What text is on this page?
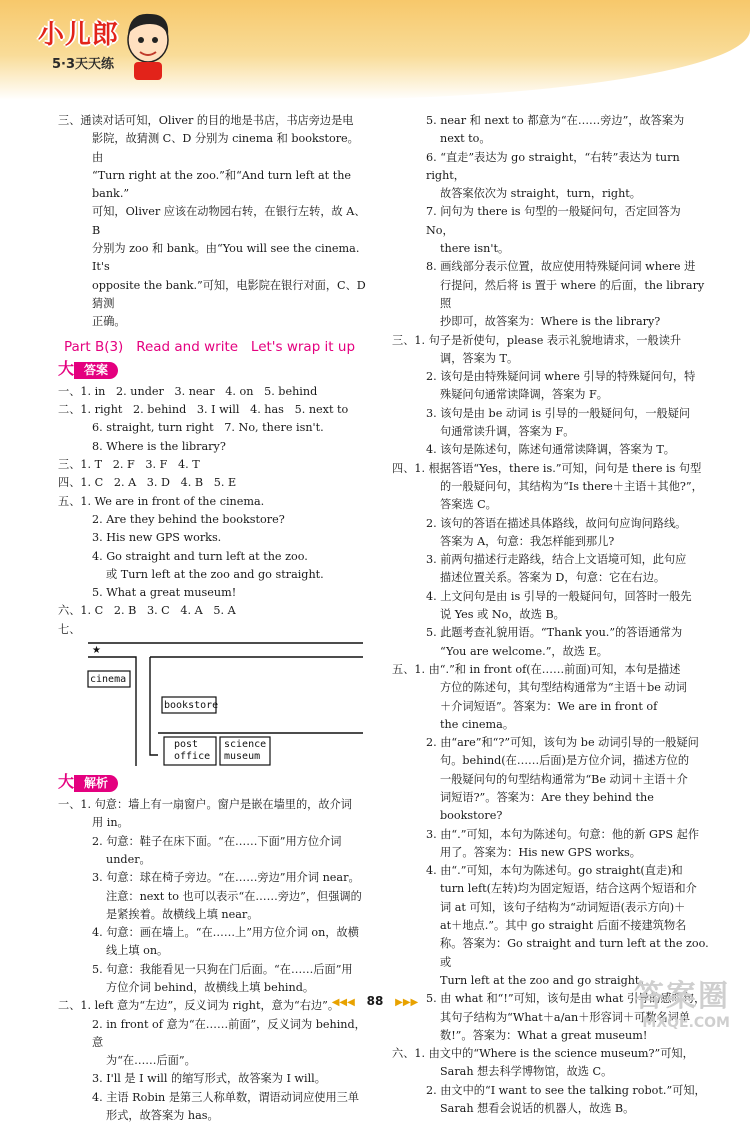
小儿郎
5·3天天练

三、通读对话可知，Oliver 的目的地是书店，书店旁边是电

影院，故猜测 C、D 分别为 cinema 和 bookstore。由

“Turn right at the zoo.”和“And turn left at the bank.”

可知，Oliver 应该在动物园右转，在银行左转，故 A、B

分别为 zoo 和 bank。由“You will see the cinema. It's

opposite the bank.”可知，电影院在银行对面，C、D 猜测

正确。

Part B(3)   Read and write   Let's wrap it up
大 答案

一、1. in   2. under   3. near   4. on   5. behind

二、1. right   2. behind   3. I will   4. has   5. next to

6. straight, turn right   7. No, there isn't.

8. Where is the library?

三、1. T   2. F   3. F   4. T

四、1. C   2. A   3. D   4. B   5. E

五、1. We are in front of the cinema.

2. Are they behind the bookstore?

3. His new GPS works.

4. Go straight and turn left at the zoo.

或 Turn left at the zoo and go straight.

5. What a great museum!

六、1. C   2. B   3. C   4. A   5. A

七、

★
cinema
bookstore
post
office
science
museum
大 解析

一、1. 句意：墙上有一扇窗户。窗户是嵌在墙里的，故介词

用 in。

2. 句意：鞋子在床下面。“在……下面”用方位介词

under。

3. 句意：球在椅子旁边。“在……旁边”用介词 near。

注意：next to 也可以表示“在……旁边”，但强调的

是紧挨着。故横线上填 near。

4. 句意：画在墙上。“在……上”用方位介词 on，故横

线上填 on。

5. 句意：我能看见一只狗在门后面。“在……后面”用

方位介词 behind，故横线上填 behind。

二、1. left 意为“左边”，反义词为 right，意为“右边”。

2. in front of 意为“在……前面”，反义词为 behind，意

为“在……后面”。

3. I'll 是 I will 的缩写形式，故答案为 I will。

4. 主语 Robin 是第三人称单数，谓语动词应使用三单

形式，故答案为 has。

5. near 和 next to 都意为“在……旁边”，故答案为

next to。

6. “直走”表达为 go straight，“右转”表达为 turn right，

故答案依次为 straight，turn，right。

7. 问句为 there is 句型的一般疑问句，否定回答为 No，

there isn't。

8. 画线部分表示位置，故应使用特殊疑问词 where 进

行提问，然后将 is 置于 where 的后面，the library 照

抄即可，故答案为：Where is the library?

三、1. 句子是祈使句，please 表示礼貌地请求，一般读升

调，答案为 T。

2. 该句是由特殊疑问词 where 引导的特殊疑问句，特

殊疑问句通常读降调，答案为 F。

3. 该句是由 be 动词 is 引导的一般疑问句，一般疑问

句通常读升调，答案为 F。

4. 该句是陈述句，陈述句通常读降调，答案为 T。

四、1. 根据答语“Yes，there is.”可知，问句是 there is 句型

的一般疑问句，其结构为“Is there＋主语＋其他?”，

答案选 C。

2. 该句的答语在描述具体路线，故问句应询问路线。

答案为 A，句意：我怎样能到那儿?

3. 前两句描述行走路线，结合上文语境可知，此句应

描述位置关系。答案为 D，句意：它在右边。

4. 上文问句是由 is 引导的一般疑问句，回答时一般先

说 Yes 或 No，故选 B。

5. 此题考查礼貌用语。“Thank you.”的答语通常为

“You are welcome.”，故选 E。

五、1. 由“.”和 in front of(在……前面)可知，本句是描述

方位的陈述句，其句型结构通常为“主语＋be 动词

＋介词短语”。答案为：We are in front of

the cinema。

2. 由“are”和“?”可知，该句为 be 动词引导的一般疑问

句。behind(在……后面)是方位介词，描述方位的

一般疑问句的句型结构通常为“Be 动词＋主语＋介

词短语?”。答案为：Are they behind the bookstore?

3. 由“.”可知，本句为陈述句。句意：他的新 GPS 起作

用了。答案为：His new GPS works。

4. 由“.”可知，本句为陈述句。go straight(直走)和

turn left(左转)均为固定短语，结合这两个短语和介

词 at 可知，该句子结构为“动词短语(表示方向)＋

at＋地点.”。其中 go straight 后面不接建筑物名

称。答案为：Go straight and turn left at the zoo. 或

Turn left at the zoo and go straight。

5. 由 what 和“!”可知，该句是由 what 引导的感叹句，

其句子结构为“What＋a/an＋形容词＋可数名词单

数!”。答案为：What a great museum!

六、1. 由文中的“Where is the science museum?”可知，

Sarah 想去科学博物馆，故选 C。

2. 由文中的“I want to see the talking robot.”可知，

Sarah 想看会说话的机器人，故选 B。

◀◀◀ 88 ▶▶▶	答案圈
MXQE.COM
